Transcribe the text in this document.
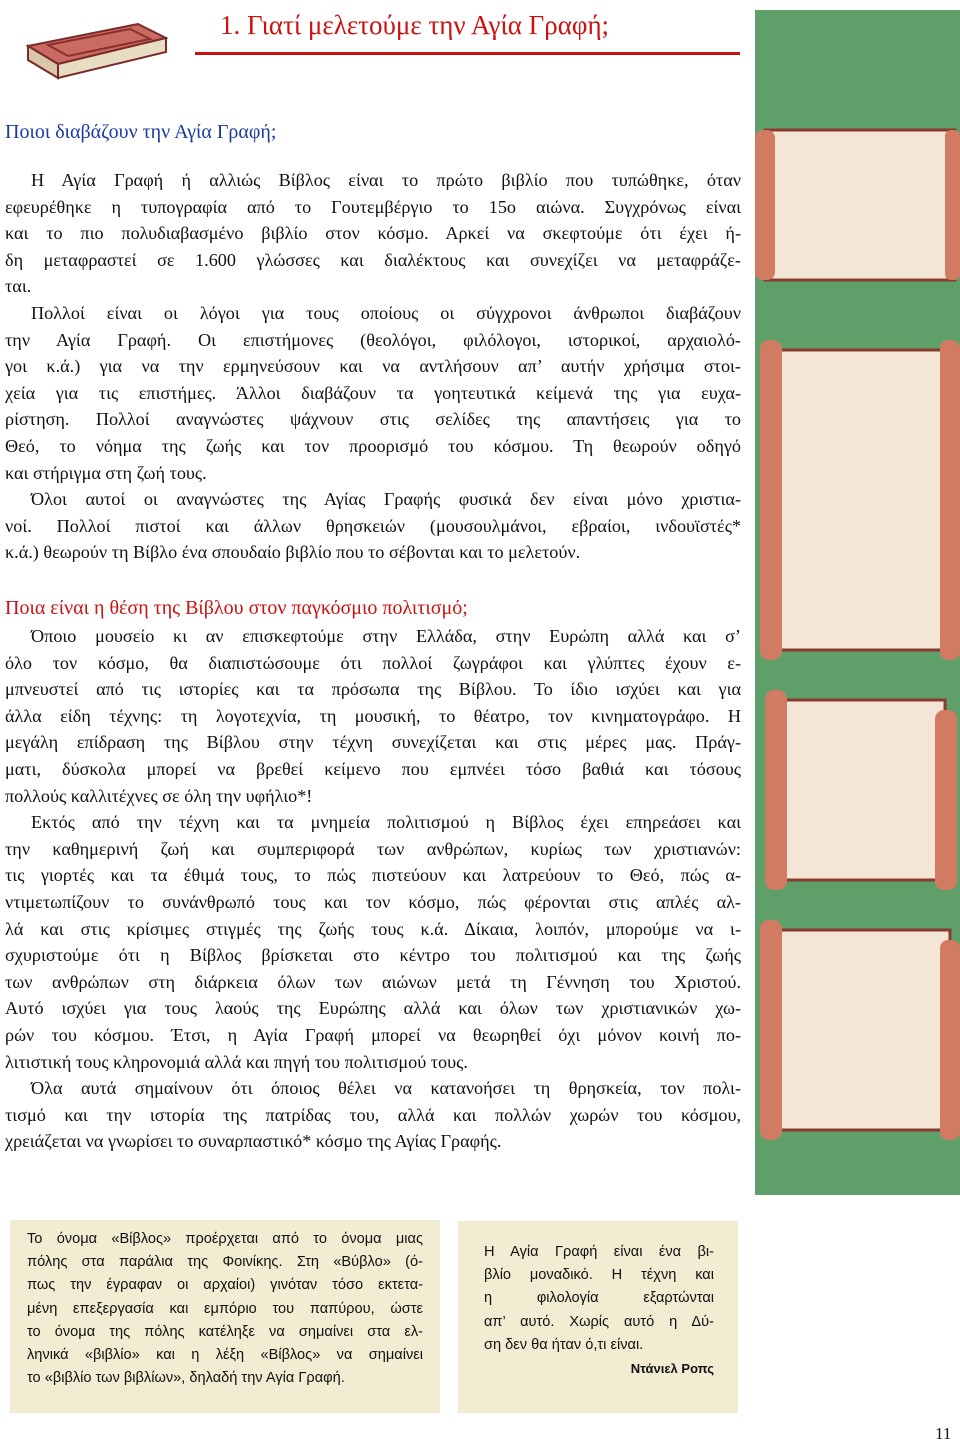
1. Γιατί μελετούμε την Αγία Γραφή;
Ποιοι διαβάζουν την Αγία Γραφή;
Η Αγία Γραφή ή αλλιώς Βίβλος είναι το πρώτο βιβλίο που τυπώθηκε, όταν
εφευρέθηκε η τυπογραφία από το Γουτεμβέργιο το 15ο αιώνα. Συγχρόνως είναι
και το πιο πολυδιαβασμένο βιβλίο στον κόσμο. Αρκεί να σκεφτούμε ότι έχει ή-
δη μεταφραστεί σε 1.600 γλώσσες και διαλέκτους και συνεχίζει να μεταφράζε-
ται.
Πολλοί είναι οι λόγοι για τους οποίους οι σύγχρονοι άνθρωποι διαβάζουν
την Αγία Γραφή. Οι επιστήμονες (θεολόγοι, φιλόλογοι, ιστορικοί, αρχαιολό-
γοι κ.ά.) για να την ερμηνεύσουν και να αντλήσουν απ’ αυτήν χρήσιμα στοι-
χεία για τις επιστήμες. Άλλοι διαβάζουν τα γοητευτικά κείμενά της για ευχα-
ρίστηση. Πολλοί αναγνώστες ψάχνουν στις σελίδες της απαντήσεις για το
Θεό, το νόημα της ζωής και τον προορισμό του κόσμου. Τη θεωρούν οδηγό
και στήριγμα στη ζωή τους.
Όλοι αυτοί οι αναγνώστες της Αγίας Γραφής φυσικά δεν είναι μόνο χριστια-
νοί. Πολλοί πιστοί και άλλων θρησκειών (μουσουλμάνοι, εβραίοι, ινδουϊστές*
κ.ά.) θεωρούν τη Βίβλο ένα σπουδαίο βιβλίο που το σέβονται και το μελετούν.
Ποια είναι η θέση της Βίβλου στον παγκόσμιο πολιτισμό;
Όποιο μουσείο κι αν επισκεφτούμε στην Ελλάδα, στην Ευρώπη αλλά και σ’
όλο τον κόσμο, θα διαπιστώσουμε ότι πολλοί ζωγράφοι και γλύπτες έχουν ε-
μπνευστεί από τις ιστορίες και τα πρόσωπα της Βίβλου. Το ίδιο ισχύει και για
άλλα είδη τέχνης: τη λογοτεχνία, τη μουσική, το θέατρο, τον κινηματογράφο. Η
μεγάλη επίδραση της Βίβλου στην τέχνη συνεχίζεται και στις μέρες μας. Πράγ-
ματι, δύσκολα μπορεί να βρεθεί κείμενο που εμπνέει τόσο βαθιά και τόσους
πολλούς καλλιτέχνες σε όλη την υφήλιο*!
Εκτός από την τέχνη και τα μνημεία πολιτισμού η Βίβλος έχει επηρεάσει και
την καθημερινή ζωή και συμπεριφορά των ανθρώπων, κυρίως των χριστιανών:
τις γιορτές και τα έθιμά τους, το πώς πιστεύουν και λατρεύουν το Θεό, πώς α-
ντιμετωπίζουν το συνάνθρωπό τους και τον κόσμο, πώς φέρονται στις απλές αλ-
λά και στις κρίσιμες στιγμές της ζωής τους κ.ά. Δίκαια, λοιπόν, μπορούμε να ι-
σχυριστούμε ότι η Βίβλος βρίσκεται στο κέντρο του πολιτισμού και της ζωής
των ανθρώπων στη διάρκεια όλων των αιώνων μετά τη Γέννηση του Χριστού.
Αυτό ισχύει για τους λαούς της Ευρώπης αλλά και όλων των χριστιανικών χω-
ρών του κόσμου. Έτσι, η Αγία Γραφή μπορεί να θεωρηθεί όχι μόνον κοινή πο-
λιτιστική τους κληρονομιά αλλά και πηγή του πολιτισμού τους.
Όλα αυτά σημαίνουν ότι όποιος θέλει να κατανοήσει τη θρησκεία, τον πολι-
τισμό και την ιστορία της πατρίδας του, αλλά και πολλών χωρών του κόσμου,
χρειάζεται να γνωρίσει το συναρπαστικό* κόσμο της Αγίας Γραφής.
Το όνομα «Βίβλος» προέρχεται από το όνομα μιας
πόλης στα παράλια της Φοινίκης. Στη «Βύβλο» (ό-
πως την έγραφαν οι αρχαίοι) γινόταν τόσο εκτετα-
μένη επεξεργασία και εμπόριο του παπύρου, ώστε
το όνομα της πόλης κατέληξε να σημαίνει στα ελ-
ληνικά «βιβλίο» και η λέξη «Βίβλος» να σημαίνει
το «βιβλίο των βιβλίων», δηλαδή την Αγία Γραφή.
Η Αγία Γραφή είναι ένα βι-
βλίο μοναδικό. Η τέχνη και
η φιλολογία εξαρτώνται
απ’ αυτό. Χωρίς αυτό η Δύ-
ση δεν θα ήταν ό,τι είναι.
Ντάνιελ Ροπς
11
